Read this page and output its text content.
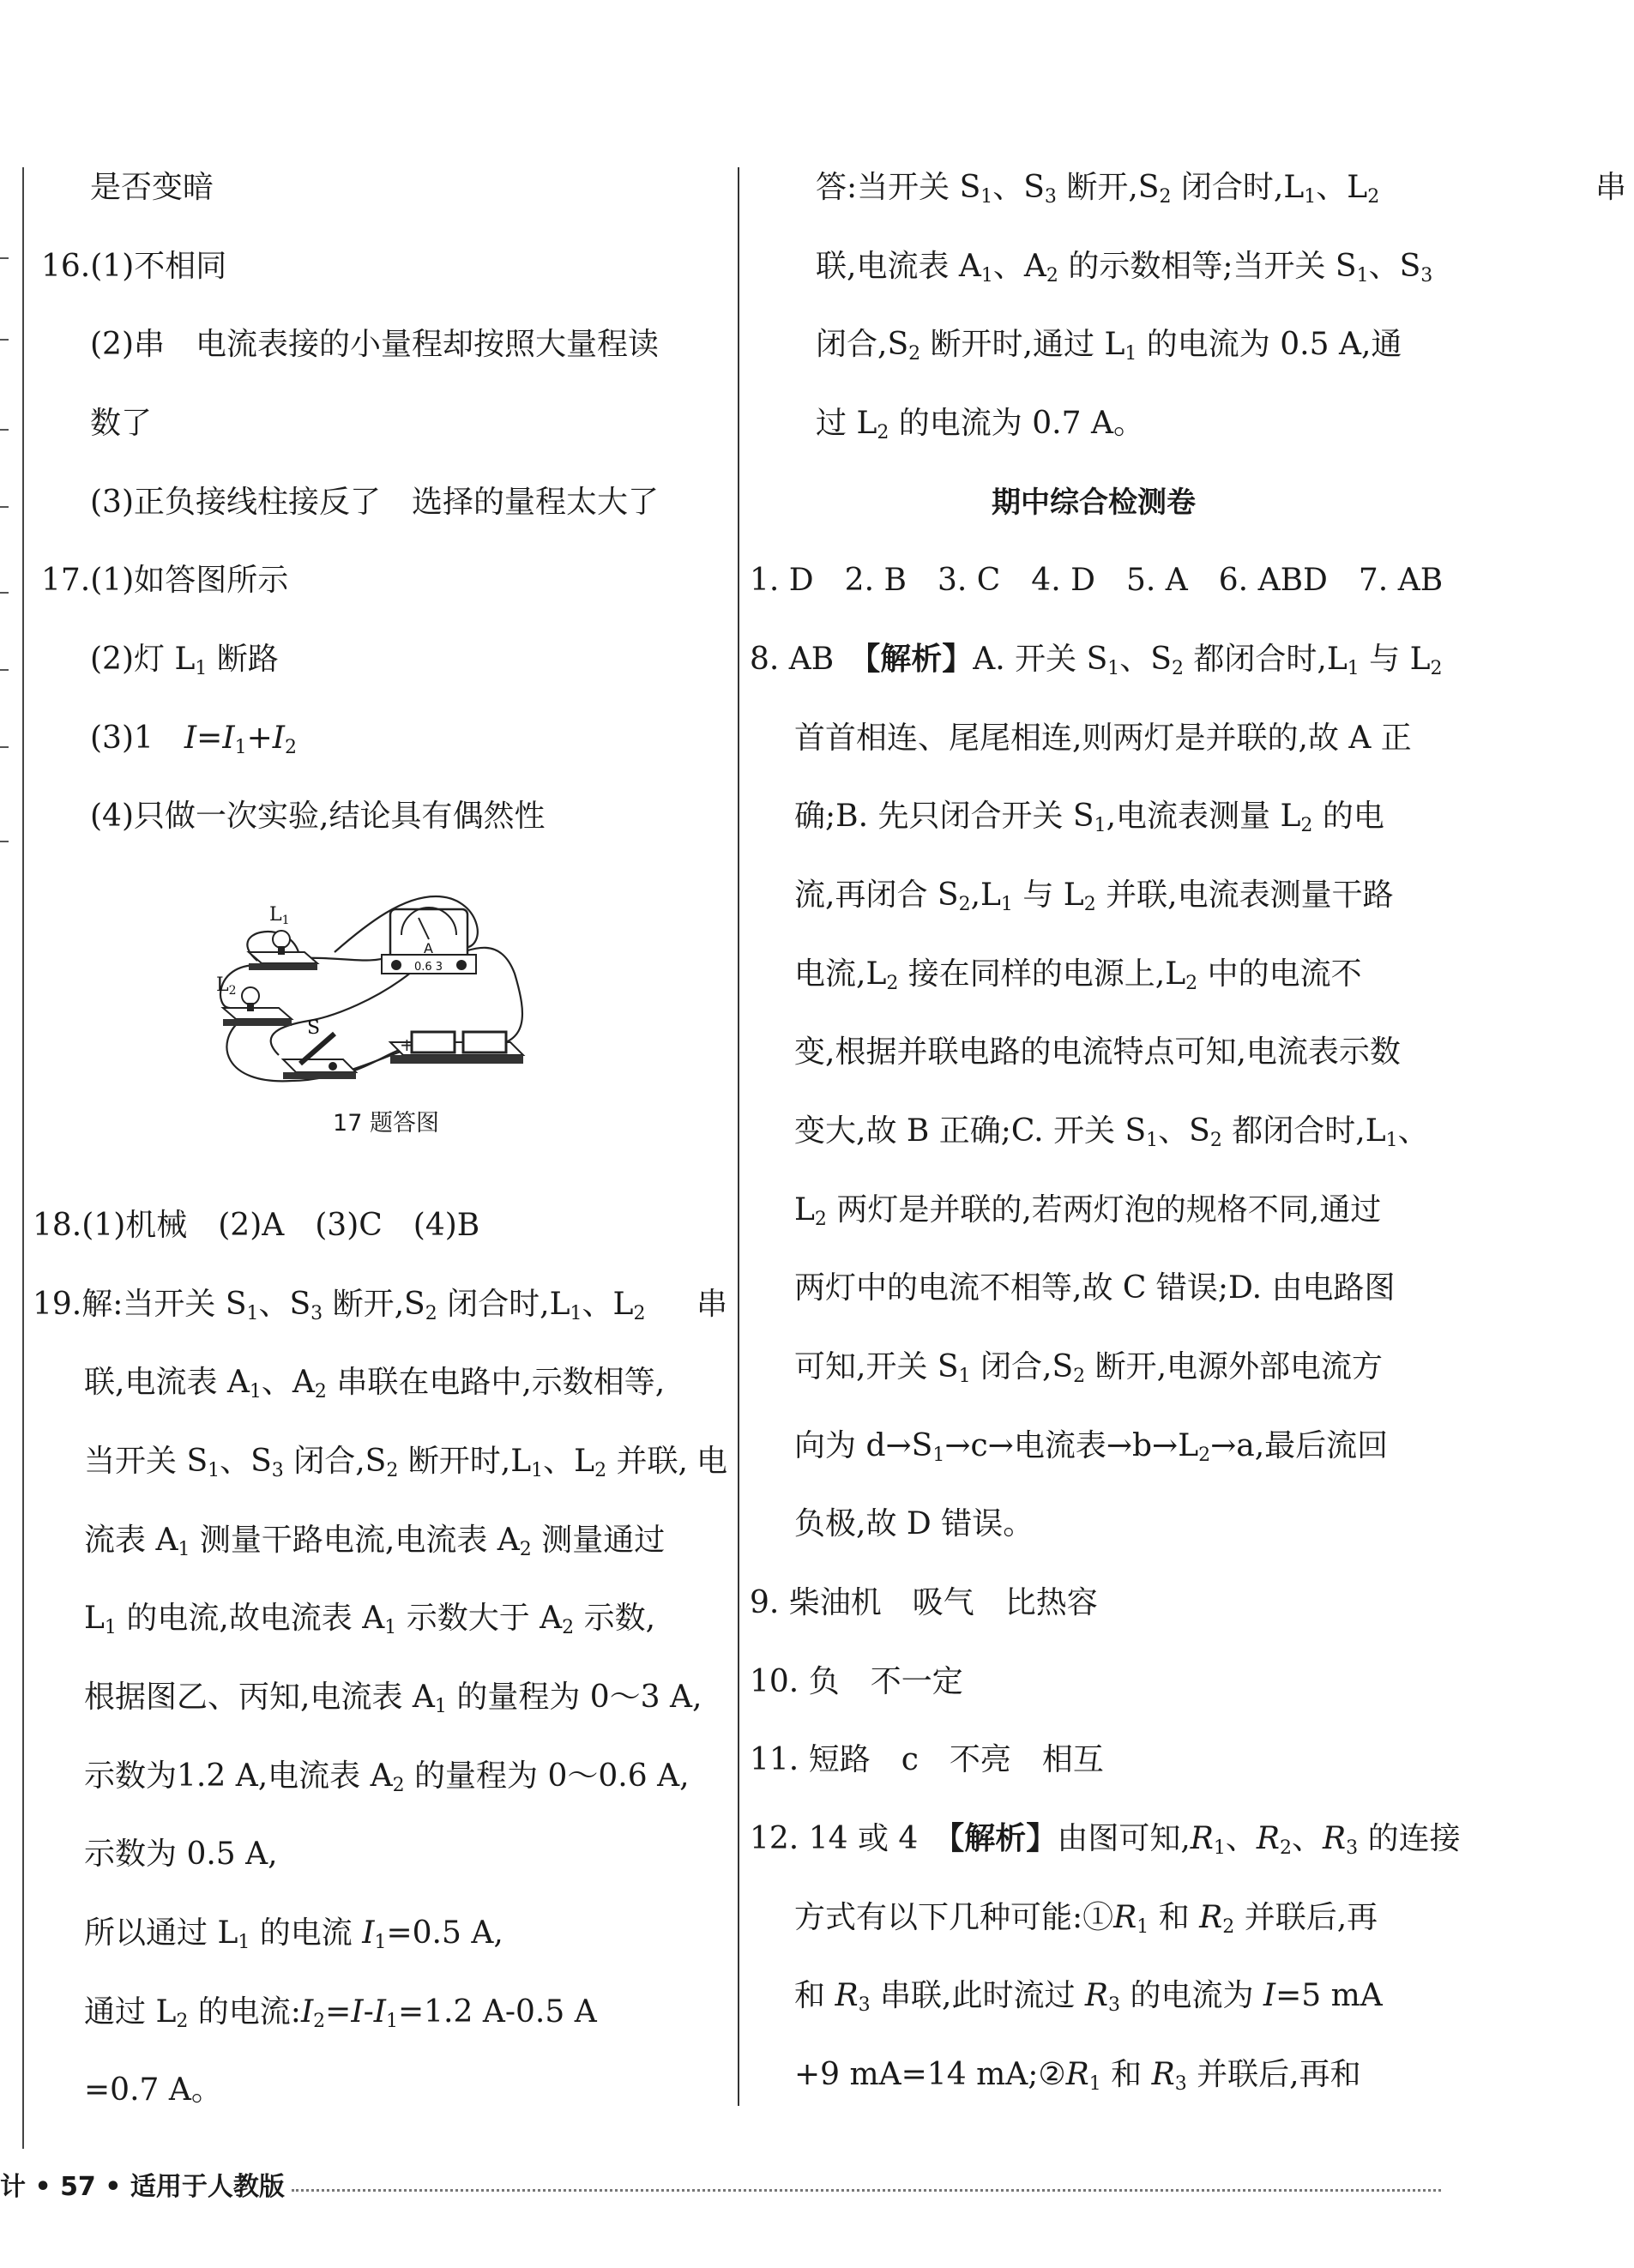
是否变暗
16.(1)不相同
(2)串　电流表接的小量程却按照大量程读
数了
(3)正负接线柱接反了　选择的量程太大了
17.(1)如答图所示
(2)灯 $L_1$ 断路
(3)1　 $I=I_1+I_2$
(4)只做一次实验,结论具有偶然性
+
L1
L2
S
A
0.6 3
17 题答图
18.(1)机械　(2)A　(3)C　(4)B
19.解:当开关 $S_1$、$S_3$ 断开$,S_2$ 闭合时$,L_1$、$L_2$ 串
联,电流表 $A_1$、$A_2$ 串联在电路中,示数相等,
当开关 $S_1$、$S_3$ 闭合$,S_2$ 断开时$,L_1$、$L_2$ 并联, 电
流表 $A_1$ 测量干路电流,电流表 $A_2$ 测量通过
$L_1$ 的电流,故电流表 $A_1$ 示数大于 $A_2$ 示数,
根据图乙、丙知,电流表 $A_1$ 的量程为 0～3 A,
示数为1.2 A,电流表 $A_2$ 的量程为 0～0.6 A,
示数为 0.5 A,
所以通过 $L_1$ 的电流 $I_1=0.5$ A,
通过 $L_2$ 的电流$:I_2=I-I_1=1.2$ A-0.5 A
=0.7 A。
答:当开关 $S_1$、$S_3$ 断开$,S_2$ 闭合时$,L_1$、$L_2$	串
联,电流表 $A_1$、$A_2$ 的示数相等;当开关 $S_1$、$S_3$
闭合$,S_2$ 断开时,通过 $L_1$ 的电流为 0.5 A,通
过 $L_2$ 的电流为 0.7 A。
期中综合检测卷
1. D　 2. B　 3. C　 4. D　 5. A　 6. ABD　 7. AB
8. AB　【解析】A. 开关 $S_1$、$S_2$ 都闭合时$,L_1$ 与 $L_2$
首首相连、尾尾相连,则两灯是并联的,故 A 正
确;B. 先只闭合开关 $S_1$,电流表测量 $L_2$ 的电
流,再闭合 $S_2,L_1$ 与 $L_2$ 并联,电流表测量干路
电流$,L_2$ 接在同样的电源上$,L_2$ 中的电流不
变,根据并联电路的电流特点可知,电流表示数
变大,故 B 正确;C. 开关 $S_1$、$S_2$ 都闭合时$,L_1$、
$L_2$ 两灯是并联的,若两灯泡的规格不同,通过
两灯中的电流不相等,故 C 错误;D. 由电路图
可知,开关 $S_1$ 闭合$,S_2$ 断开,电源外部电流方
向为 $d\to S_1\to c\to$电流表$\to b\to L_2\to a$,最后流回
负极,故 D 错误。
9. 柴油机　吸气　比热容
10. 负　不一定
11. 短路　c　不亮　相互
12. 14 或 4　【解析】由图可知$,R_1$、$R_2$、$R_3$ 的连接
方式有以下几种可能$:①R_1$ 和 $R_2$ 并联后,再
和 $R_3$ 串联,此时流过 $R_3$ 的电流为 I=5 mA
+9 mA=14 $mA;②R_1$ 和 $R_3$ 并联后,再和
计 • 57 • 适用于人教版
